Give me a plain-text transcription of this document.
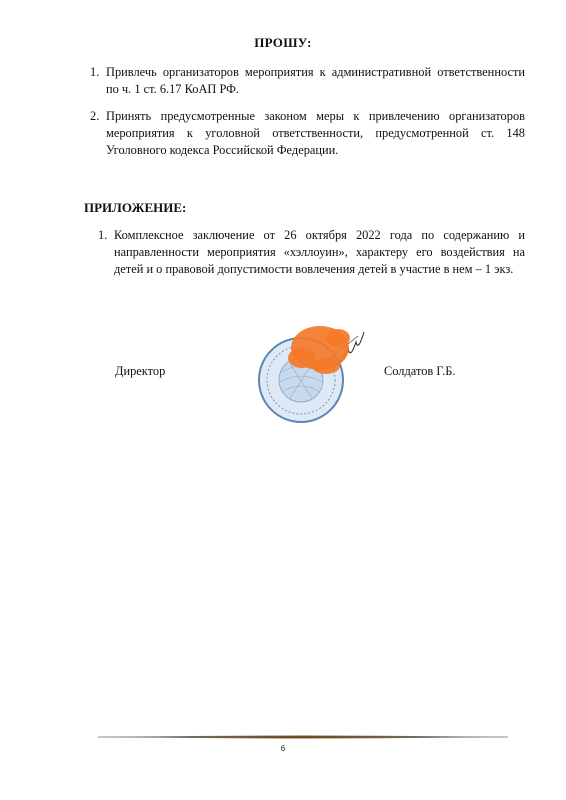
ПРОШУ:
1. Привлечь организаторов мероприятия к административной ответственности по ч. 1 ст. 6.17 КоАП РФ.
2. Принять предусмотренные законом меры к привлечению организаторов мероприятия к уголовной ответственности, предусмотренной ст. 148 Уголовного кодекса Российской Федерации.
ПРИЛОЖЕНИЕ:
1. Комплексное заключение от 26 октября 2022 года по содержанию и направленности мероприятия «хэллоуин», характеру его воздействия на детей и о правовой допустимости вовлечения детей в участие в нем – 1 экз.
Директор	Солдатов Г.Б.
6
